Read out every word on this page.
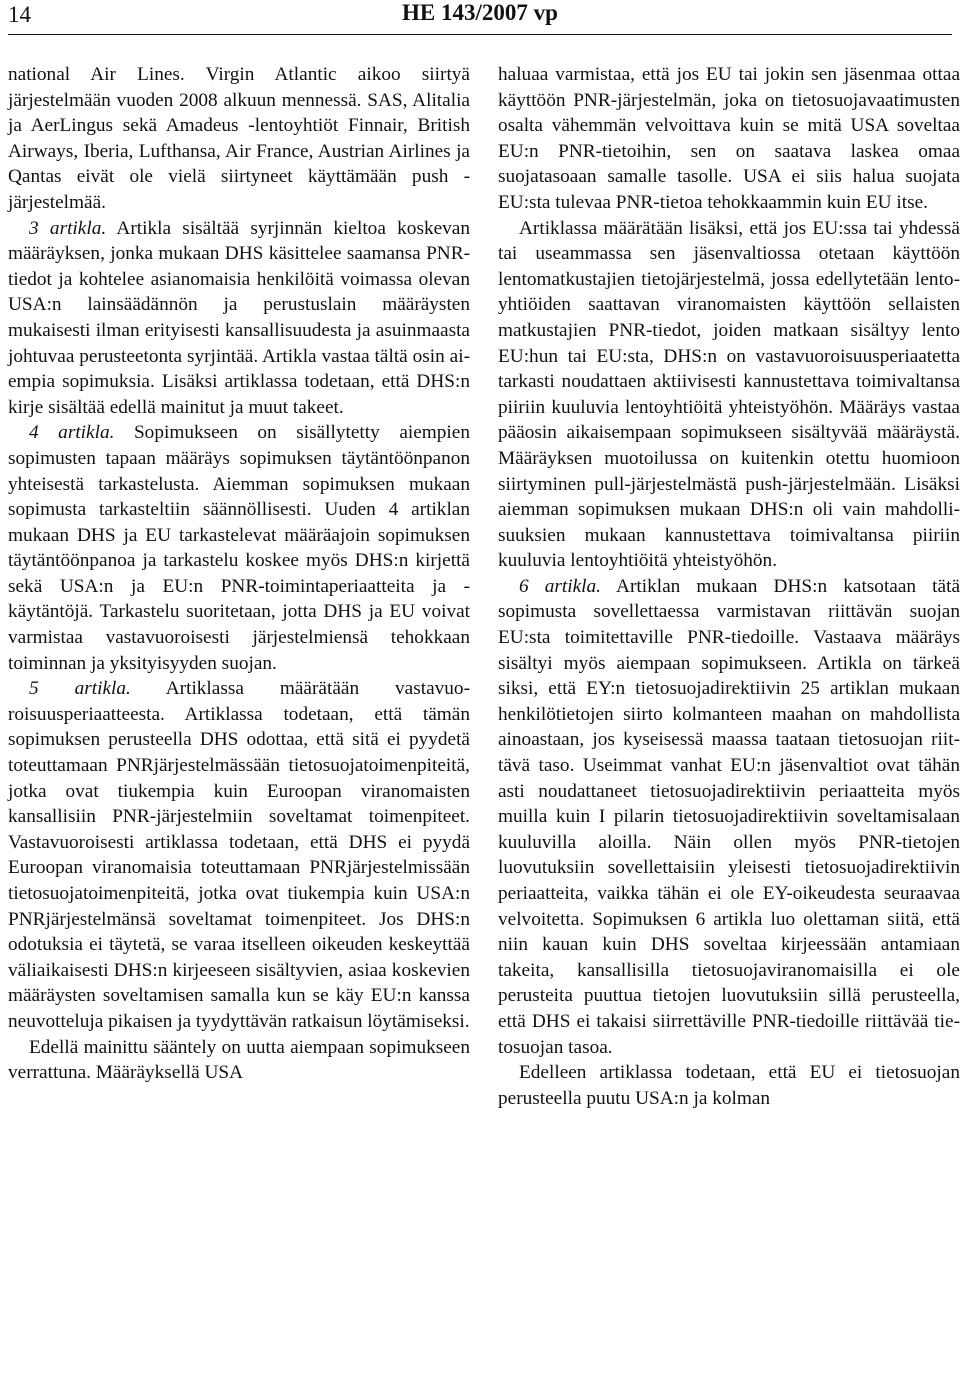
14	HE 143/2007 vp

national Air Lines. Virgin Atlantic aikoo siirtyä järjestelmään vuoden 2008 alkuun mennessä. SAS, Alitalia ja AerLingus sekä Amadeus -lentoyhtiöt Finnair, British Airways, Iberia, Lufthansa, Air France, Austrian Airlines ja Qantas eivät ole vielä siirtyneet käyttämään push -järjestelmää.

3 artikla. Artikla sisältää syrjinnän kieltoa koskevan määräyksen, jonka mukaan DHS käsittelee saamansa PNR-tiedot ja kohtelee asianomaisia henkilöitä voimassa olevan USA:n lainsäädännön ja perustuslain määräysten mukaisesti ilman erityisesti kansallisuudesta ja asuinmaasta johtuvaa perusteetonta syrjintää. Artikla vastaa tältä osin aiempia sopimuksia. Lisäksi artiklassa todetaan, että DHS:n kirje sisältää edellä mainitut ja muut takeet.

4 artikla. Sopimukseen on sisällytetty aiempien sopimusten tapaan määräys sopimuksen täytäntöönpanon yhteisestä tarkastelusta. Aiemman sopimuksen mukaan sopimusta tarkasteltiin säännöllisesti. Uuden 4 artiklan mukaan DHS ja EU tarkastelevat määräajoin sopimuksen täytäntöönpanoa ja tarkastelu koskee myös DHS:n kirjettä sekä USA:n ja EU:n PNR-toimintaperiaatteita ja -käytäntöjä. Tarkastelu suoritetaan, jotta DHS ja EU voivat varmistaa vastavuoroisesti järjestelmiensä tehokkaan toiminnan ja yksityisyyden suojan.

5 artikla. Artiklassa määrätään vastavuoroisuusperiaatteesta. Artiklassa todetaan, että tämän sopimuksen perusteella DHS odottaa, että sitä ei pyydetä toteuttamaan PNRjärjestelmässään tietosuojatoimenpiteitä, jotka ovat tiukempia kuin Euroopan viranomaisten kansallisiin PNR-järjestelmiin soveltamat toimenpiteet. Vastavuoroisesti artiklassa todetaan, että DHS ei pyydä Euroopan viranomaisia toteuttamaan PNRjärjestelmissään tietosuojatoimenpiteitä, jotka ovat tiukempia kuin USA:n PNRjärjestelmänsä soveltamat toimenpiteet. Jos DHS:n odotuksia ei täytetä, se varaa itselleen oikeuden keskeyttää väliaikaisesti DHS:n kirjeeseen sisältyvien, asiaa koskevien määräysten soveltamisen samalla kun se käy EU:n kanssa neuvotteluja pikaisen ja tyydyttävän ratkaisun löytämiseksi.

Edellä mainittu sääntely on uutta aiempaan sopimukseen verrattuna. Määräyksellä USA

haluaa varmistaa, että jos EU tai jokin sen jäsenmaa ottaa käyttöön PNR-järjestelmän, joka on tietosuojavaatimusten osalta vähemmän velvoittava kuin se mitä USA soveltaa EU:n PNR-tietoihin, sen on saatava laskea omaa suojatasoaan samalle tasolle. USA ei siis halua suojata EU:sta tulevaa PNR-tietoa tehokkaammin kuin EU itse.

Artiklassa määrätään lisäksi, että jos EU:ssa tai yhdessä tai useammassa sen jäsenvaltiossa otetaan käyttöön lentomatkustajien tietojärjestelmä, jossa edellytetään lentoyhtiöiden saattavan viranomaisten käyttöön sellaisten matkustajien PNR-tiedot, joiden matkaan sisältyy lento EU:hun tai EU:sta, DHS:n on vastavuoroisuusperiaatetta tarkasti noudattaen aktiivisesti kannustettava toimivaltansa piiriin kuuluvia lentoyhtiöitä yhteistyöhön. Määräys vastaa pääosin aikaisempaan sopimukseen sisältyvää määräystä. Määräyksen muotoilussa on kuitenkin otettu huomioon siirtyminen pull-järjestelmästä push-järjestelmään. Lisäksi aiemman sopimuksen mukaan DHS:n oli vain mahdollisuuksien mukaan kannustettava toimivaltansa piiriin kuuluvia lentoyhtiöitä yhteistyöhön.

6 artikla. Artiklan mukaan DHS:n katsotaan tätä sopimusta sovellettaessa varmistavan riittävän suojan EU:sta toimitettaville PNR-tiedoille. Vastaava määräys sisältyi myös aiempaan sopimukseen. Artikla on tärkeä siksi, että EY:n tietosuojadirektiivin 25 artiklan mukaan henkilötietojen siirto kolmanteen maahan on mahdollista ainoastaan, jos kyseisessä maassa taataan tietosuojan riittävä taso. Useimmat vanhat EU:n jäsenvaltiot ovat tähän asti noudattaneet tietosuojadirektiivin periaatteita myös muilla kuin I pilarin tietosuojadirektiivin soveltamisalaan kuuluvilla aloilla. Näin ollen myös PNR-tietojen luovutuksiin sovellettaisiin yleisesti tietosuojadirektiivin periaatteita, vaikka tähän ei ole EY-oikeudesta seuraavaa velvoitetta. Sopimuksen 6 artikla luo olettaman siitä, että niin kauan kuin DHS soveltaa kirjeessään antamiaan takeita, kansallisilla tietosuojaviranomaisilla ei ole perusteita puuttua tietojen luovutuksiin sillä perusteella, että DHS ei takaisi siirrettäville PNR-tiedoille riittävää tietosuojan tasoa.

Edelleen artiklassa todetaan, että EU ei tietosuojan perusteella puutu USA:n ja kolman
